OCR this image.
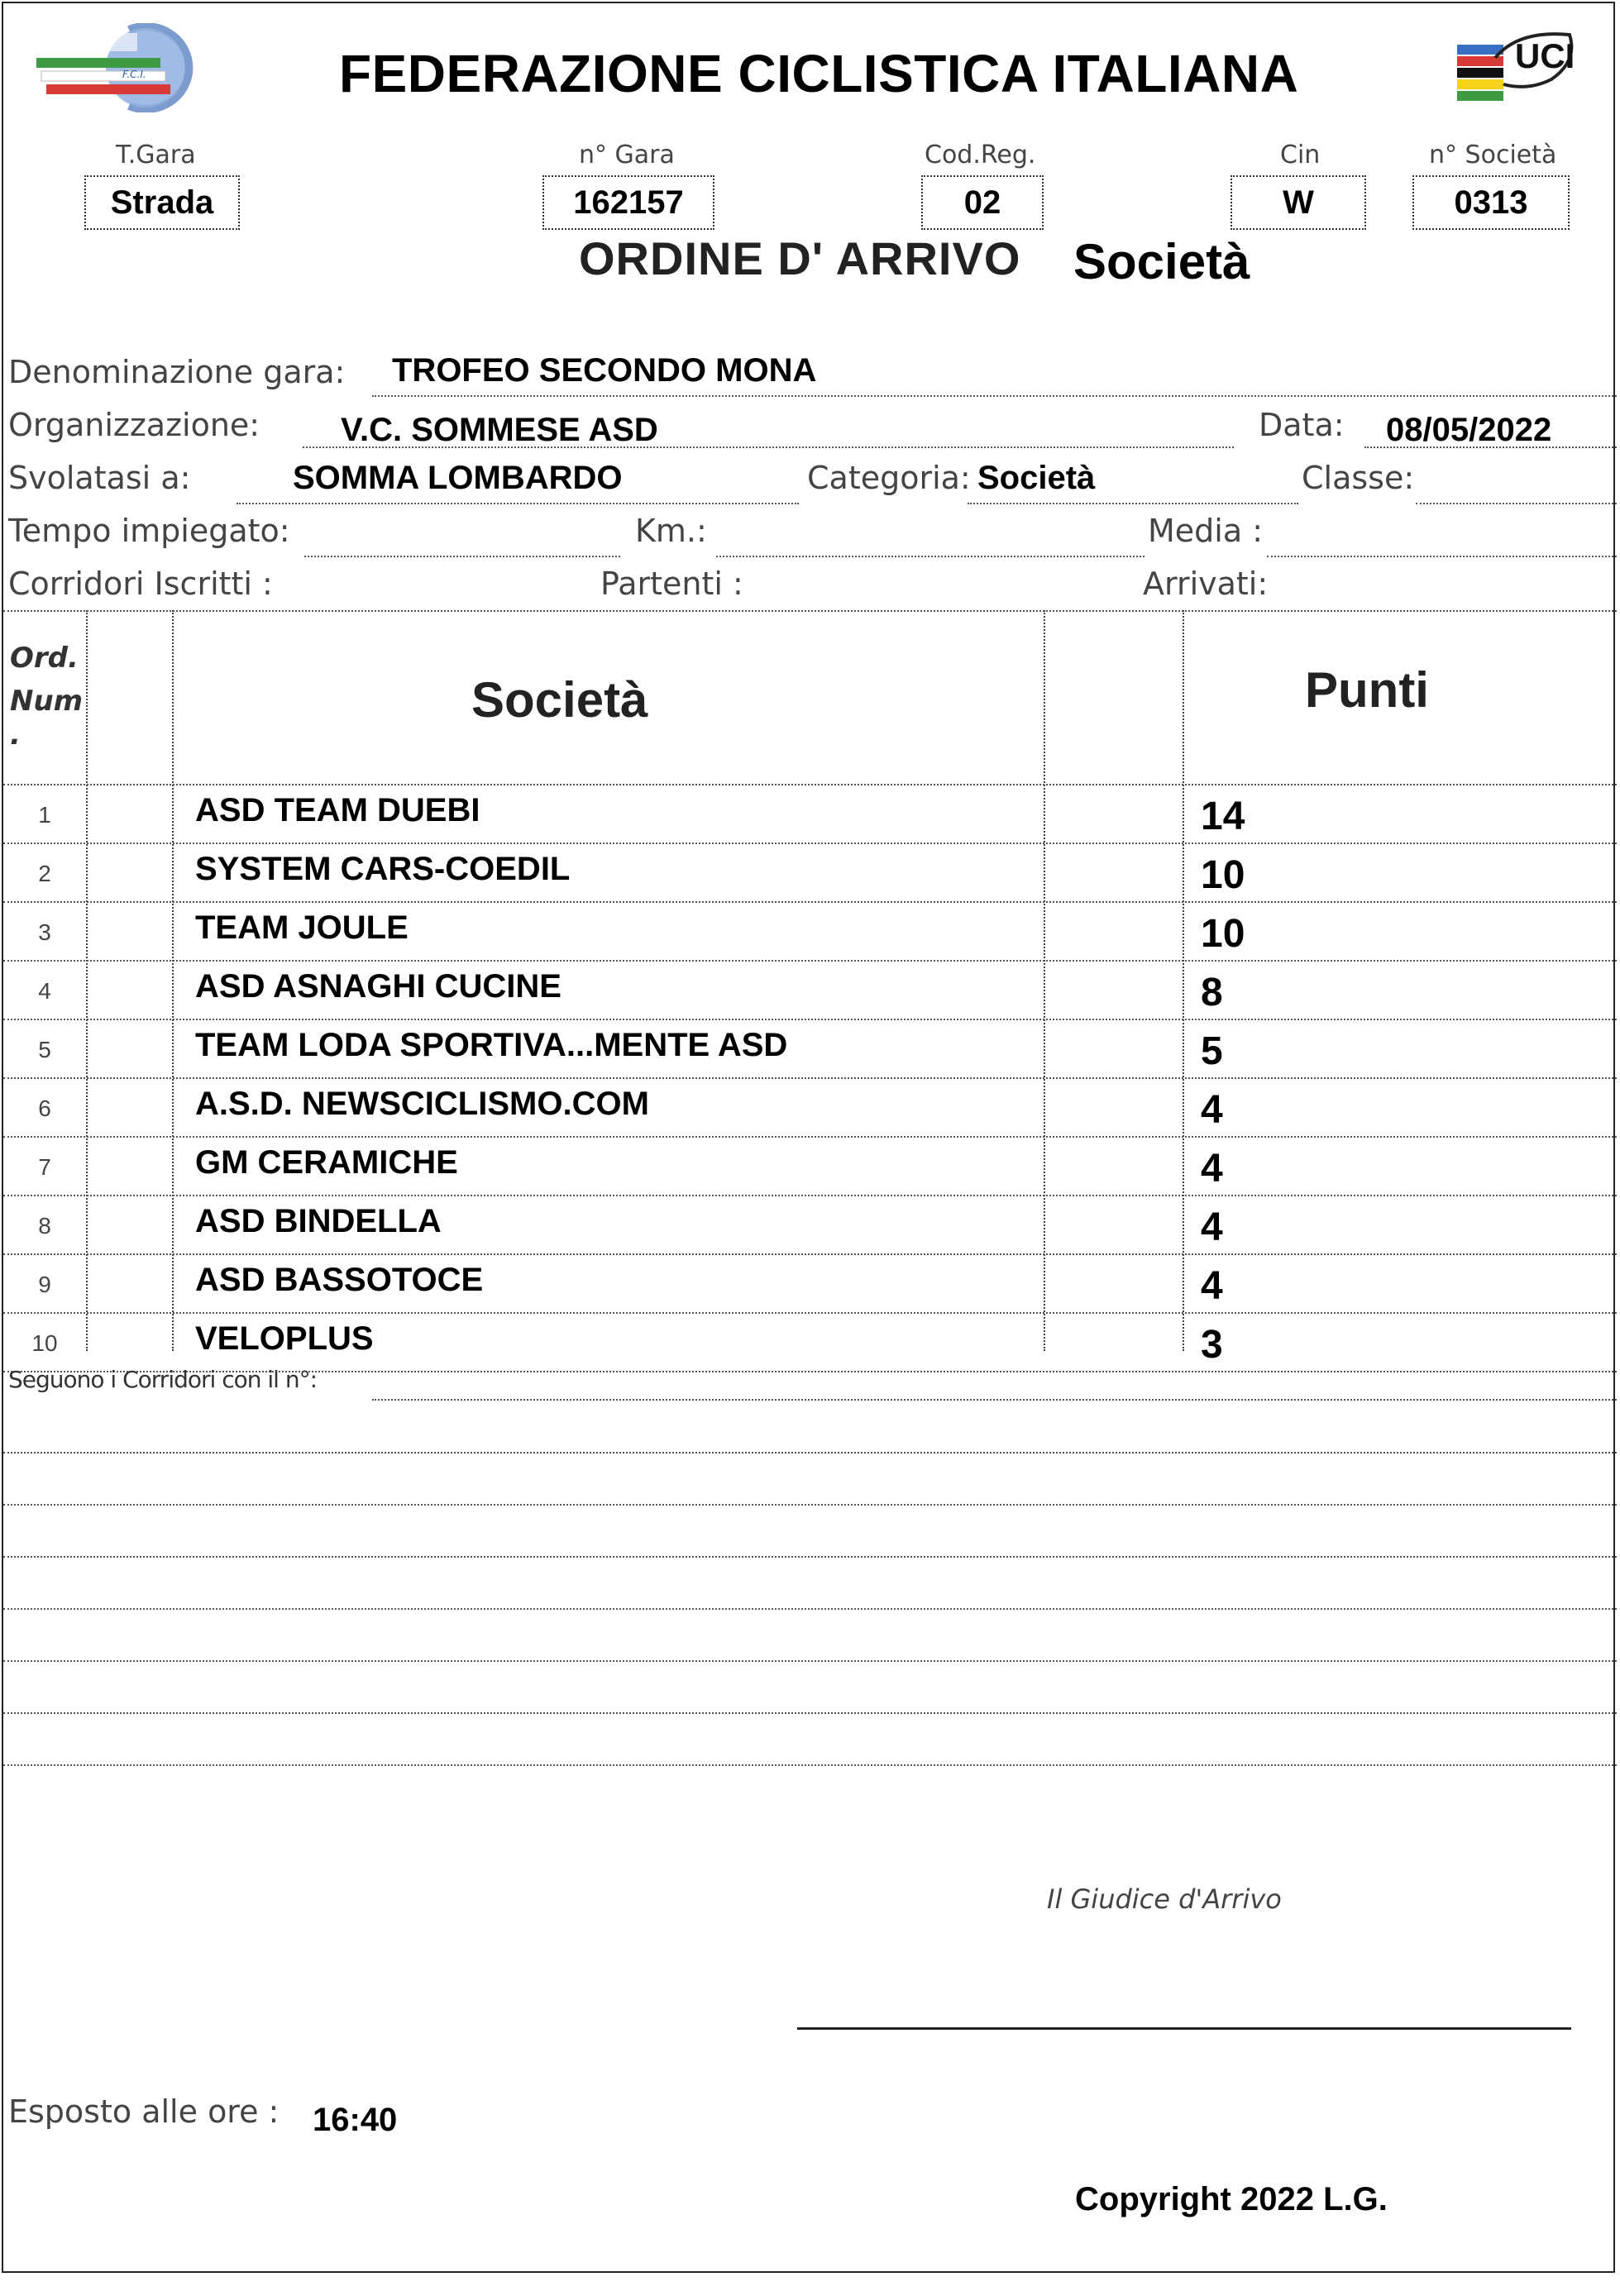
F.C.I.	FEDERAZIONE CICLISTICA ITALIANA	UCI
T.Gara
Strada
n° Gara
162157
Cod.Reg.
02
Cin
W
n° Società
0313
ORDINE D' ARRIVO Società
Denominazione gara: TROFEO SECONDO MONA
Organizzazione: V.C. SOMMESE ASD	Data: 08/05/2022
Svolatasi a:	SOMMA LOMBARDO	Categoria: Società	Classe:
Tempo impiegato:	Km.:	Media :
Corridori Iscritti :	Partenti :	Arrivati:
Ord.
Num
.
Società	Punti
1	ASD TEAM DUEBI	14
2	SYSTEM CARS-COEDIL	10
3	TEAM JOULE	10
4	ASD ASNAGHI CUCINE	8
5	TEAM LODA SPORTIVA...MENTE ASD	5
6	A.S.D. NEWSCICLISMO.COM	4
7	GM CERAMICHE	4
8	ASD BINDELLA	4
9	ASD BASSOTOCE	4
10	VELOPLUS	3
Seguono i Corridori con il n°:
Il Giudice d'Arrivo
Esposto alle ore : 16:40
Copyright 2022 L.G.
